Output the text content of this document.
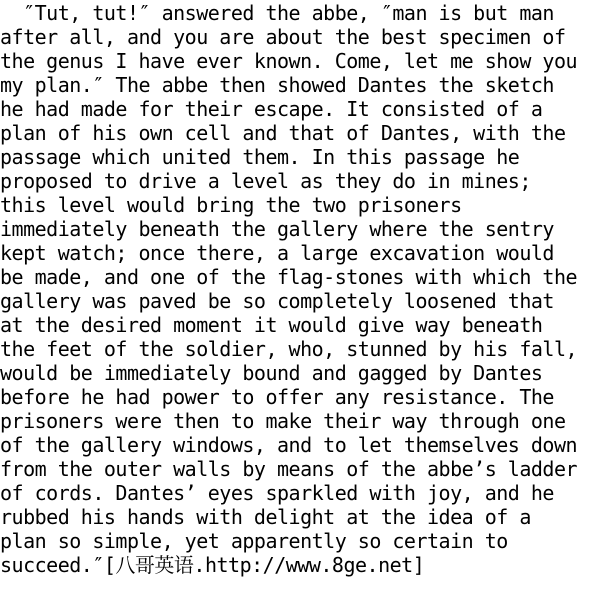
″Tut, tut!″ answered the abbe, ″man is but man
after all, and you are about the best specimen of
the genus I have ever known. Come, let me show you
my plan.″ The abbe then showed Dantes the sketch
he had made for their escape. It consisted of a
plan of his own cell and that of Dantes, with the
passage which united them. In this passage he
proposed to drive a level as they do in mines;
this level would bring the two prisoners
immediately beneath the gallery where the sentry
kept watch; once there, a large excavation would
be made, and one of the flag-stones with which the
gallery was paved be so completely loosened that
at the desired moment it would give way beneath
the feet of the soldier, who, stunned by his fall,
would be immediately bound and gagged by Dantes
before he had power to offer any resistance. The
prisoners were then to make their way through one
of the gallery windows, and to let themselves down
from the outer walls by means of the abbe’s ladder
of cords. Dantes’ eyes sparkled with joy, and he
rubbed his hands with delight at the idea of a
plan so simple, yet apparently so certain to
succeed.″[八哥英语.http://www.8ge.net]
